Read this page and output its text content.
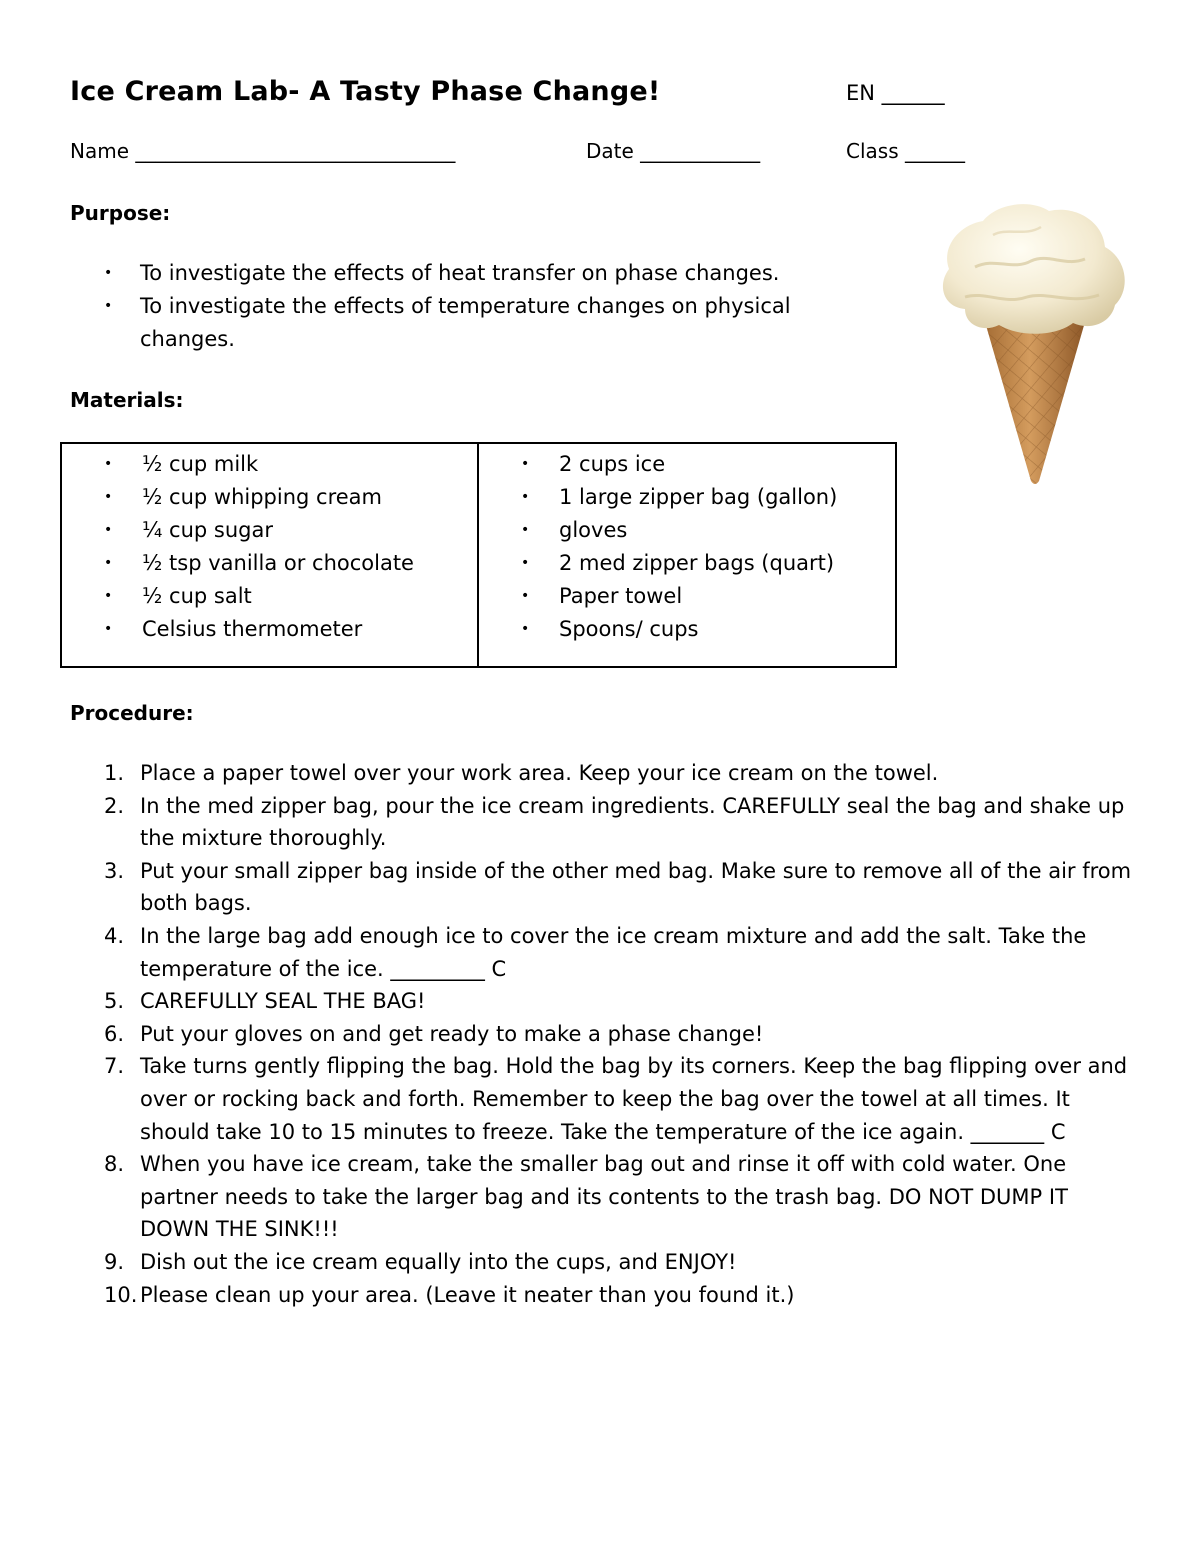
Ice Cream Lab- A Tasty Phase Change!	EN ______
Name ________________________________	Date ____________	Class ______
Purpose:
• To investigate the effects of heat transfer on phase changes.
• To investigate the effects of temperature changes on physical changes.
Materials:
• ½ cup milk
• ½ cup whipping cream
• ¼ cup sugar
• ½ tsp vanilla or chocolate
• ½ cup salt
• Celsius thermometer
• 2 cups ice
• 1 large zipper bag (gallon)
• gloves
• 2 med zipper bags (quart)
• Paper towel
• Spoons/ cups
Procedure:
1. Place a paper towel over your work area. Keep your ice cream on the towel.
2. In the med zipper bag, pour the ice cream ingredients. CAREFULLY seal the bag and shake up the mixture thoroughly.
3. Put your small zipper bag inside of the other med bag. Make sure to remove all of the air from both bags.
4. In the large bag add enough ice to cover the ice cream mixture and add the salt. Take the temperature of the ice. _________ C
5. CAREFULLY SEAL THE BAG!
6. Put your gloves on and get ready to make a phase change!
7. Take turns gently flipping the bag. Hold the bag by its corners. Keep the bag flipping over and over or rocking back and forth. Remember to keep the bag over the towel at all times. It should take 10 to 15 minutes to freeze. Take the temperature of the ice again. _______ C
8. When you have ice cream, take the smaller bag out and rinse it off with cold water. One partner needs to take the larger bag and its contents to the trash bag. DO NOT DUMP IT DOWN THE SINK!!!
9. Dish out the ice cream equally into the cups, and ENJOY!
10. Please clean up your area. (Leave it neater than you found it.)
